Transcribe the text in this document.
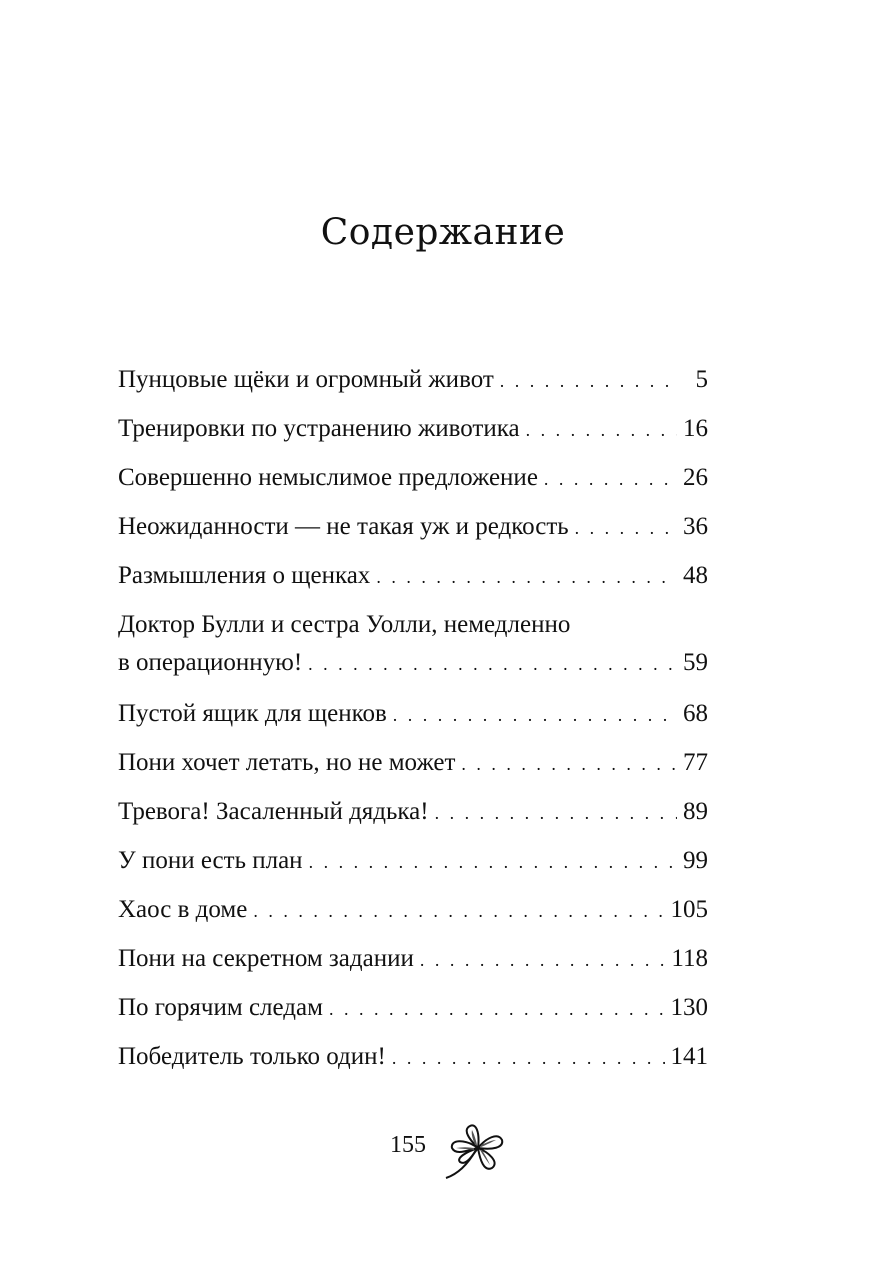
Содержание
Пунцовые щёки и огромный живот . . .	5
Тренировки по устранению животика . . .	16
Совершенно немыслимое предложение . . .	26
Неожиданности — не такая уж и редкость . . .	36
Размышления о щенках . . .	48
Доктор Булли и сестра Уолли, немедленно
в операционную! . . .	59
Пустой ящик для щенков . . .	68
Пони хочет летать, но не может . . .	77
Тревога! Засаленный дядька! . . .	89
У пони есть план . . .	99
Хаос в доме . . .	105
Пони на секретном задании . . .	118
По горячим следам . . .	130
Победитель только один! . . .	141
155
